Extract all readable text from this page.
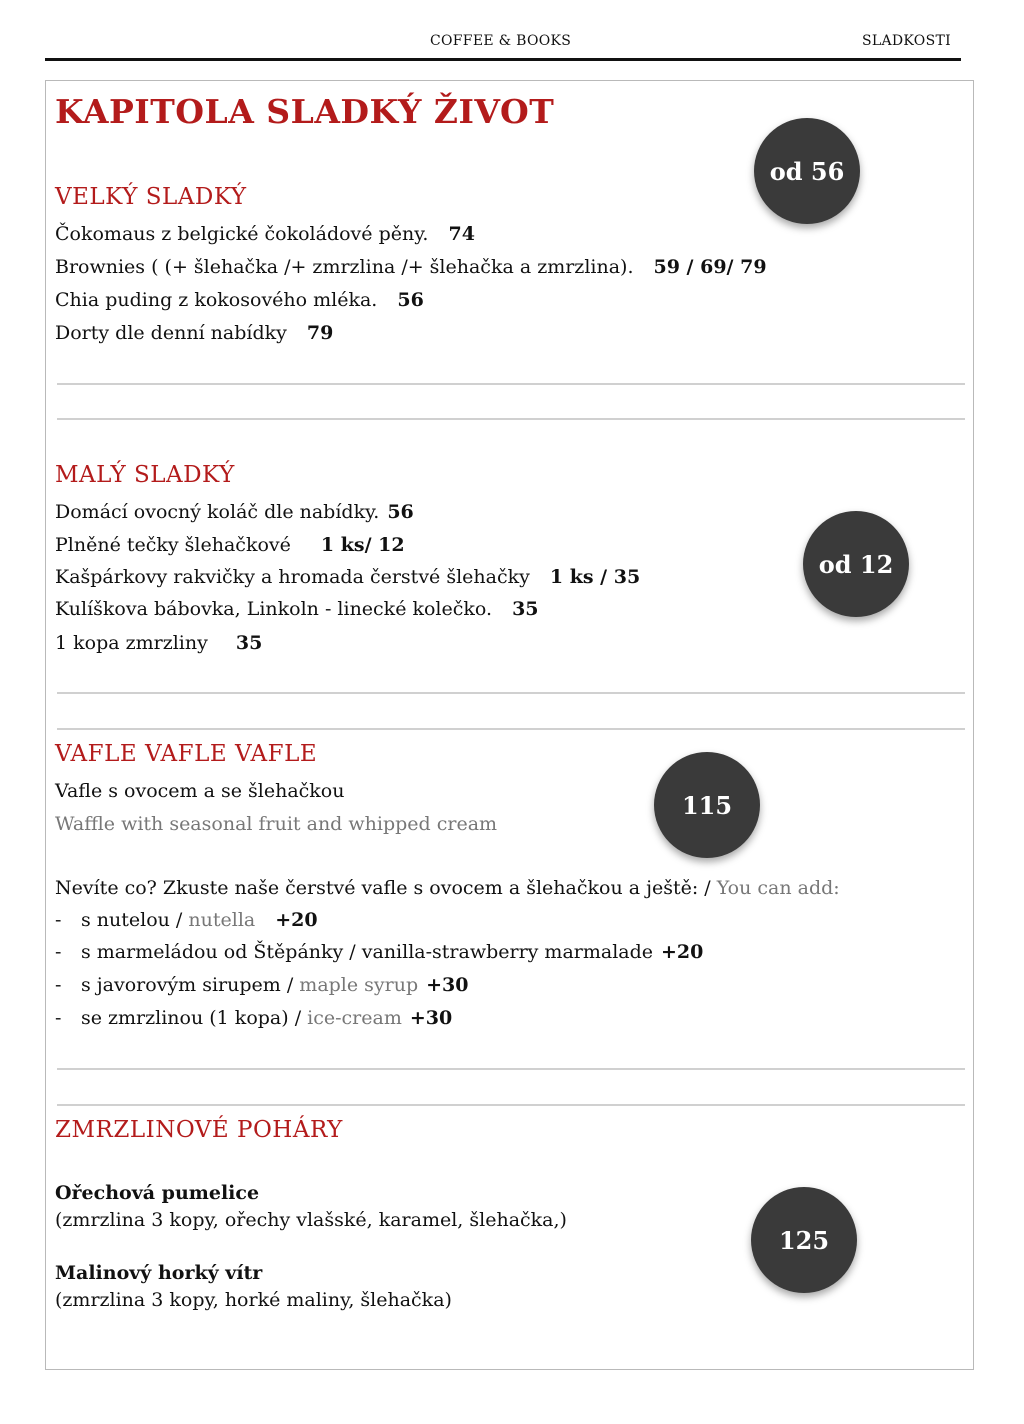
COFFEE & BOOKS	SLADKOSTI
KAPITOLA SLADKÝ ŽIVOT
od 56
VELKÝ SLADKÝ
Čokomaus z belgické čokoládové pěny. 74
Brownies ( (+ šlehačka /+ zmrzlina /+ šlehačka a zmrzlina). 59 / 69/ 79
Chia puding z kokosového mléka. 56
Dorty dle denní nabídky 79
MALÝ SLADKÝ
od 12
Domácí ovocný koláč dle nabídky. 56
Plněné tečky šlehačkové 1 ks/ 12
Kašpárkovy rakvičky a hromada čerstvé šlehačky 1 ks / 35
Kulíškova bábovka, Linkoln - linecké kolečko. 35
1 kopa zmrzliny 35
VAFLE VAFLE VAFLE
115
Vafle s ovocem a se šlehačkou
Waffle with seasonal fruit and whipped cream
Nevíte co? Zkuste naše čerstvé vafle s ovocem a šlehačkou a ještě: / You can add:
- s nutelou / nutella +20
- s marmeládou od Štěpánky / vanilla-strawberry marmalade +20
- s javorovým sirupem / maple syrup +30
- se zmrzlinou (1 kopa) / ice-cream +30
ZMRZLINOVÉ POHÁRY
125
Ořechová pumelice
(zmrzlina 3 kopy, ořechy vlašské, karamel, šlehačka,)
Malinový horký vítr
(zmrzlina 3 kopy, horké maliny, šlehačka)
